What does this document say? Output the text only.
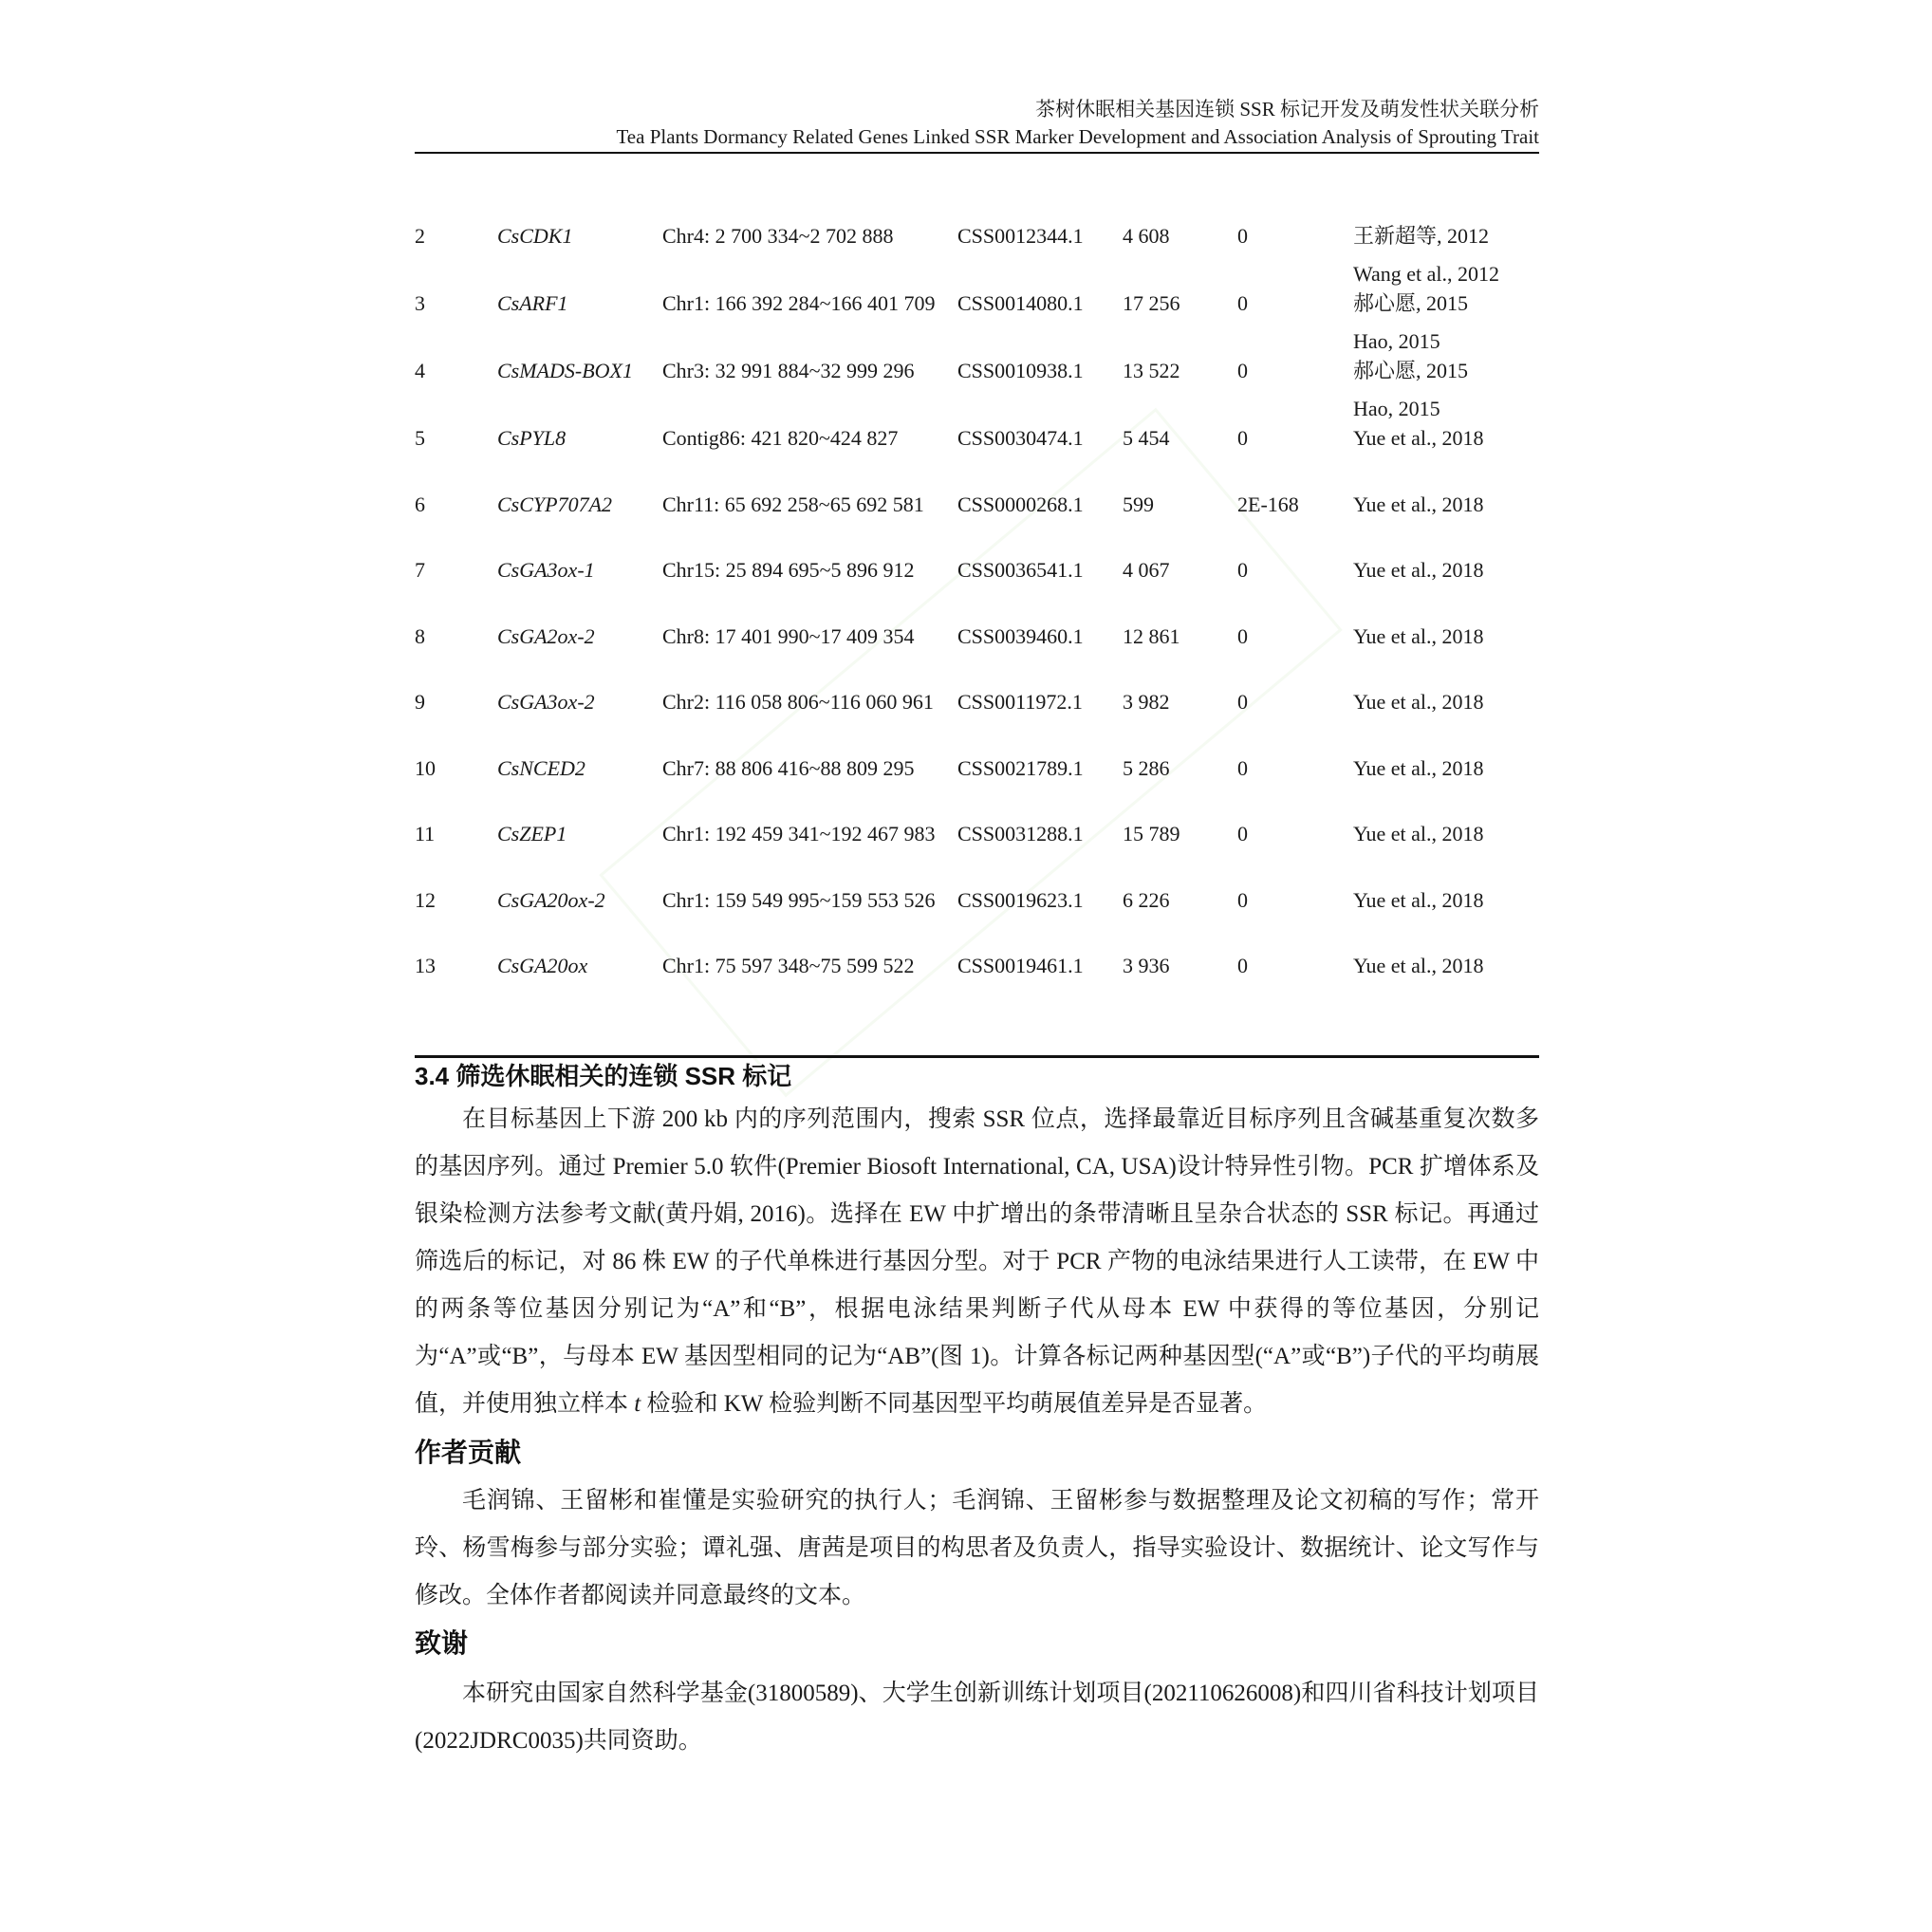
茶树休眠相关基因连锁 SSR 标记开发及萌发性状关联分析
Tea Plants Dormancy Related Genes Linked SSR Marker Development and Association Analysis of Sprouting Trait
2	CsCDK1	Chr4: 2 700 334~2 702 888	CSS0012344.1	4 608	0	王新超等, 2012
Wang et al., 2012

3	CsARF1	Chr1: 166 392 284~166 401 709	CSS0014080.1	17 256	0	郝心愿, 2015
Hao, 2015

4	CsMADS-BOX1	Chr3: 32 991 884~32 999 296	CSS0010938.1	13 522	0	郝心愿, 2015
Hao, 2015

5	CsPYL8	Contig86: 421 820~424 827	CSS0030474.1	5 454	0	Yue et al., 2018

6	CsCYP707A2	Chr11: 65 692 258~65 692 581	CSS0000268.1	599	2E-168	Yue et al., 2018

7	CsGA3ox-1	Chr15: 25 894 695~5 896 912	CSS0036541.1	4 067	0	Yue et al., 2018

8	CsGA2ox-2	Chr8: 17 401 990~17 409 354	CSS0039460.1	12 861	0	Yue et al., 2018

9	CsGA3ox-2	Chr2: 116 058 806~116 060 961	CSS0011972.1	3 982	0	Yue et al., 2018

10	CsNCED2	Chr7: 88 806 416~88 809 295	CSS0021789.1	5 286	0	Yue et al., 2018

11	CsZEP1	Chr1: 192 459 341~192 467 983	CSS0031288.1	15 789	0	Yue et al., 2018

12	CsGA20ox-2	Chr1: 159 549 995~159 553 526	CSS0019623.1	6 226	0	Yue et al., 2018

13	CsGA20ox	Chr1: 75 597 348~75 599 522	CSS0019461.1	3 936	0	Yue et al., 2018
3.4 筛选休眠相关的连锁 SSR 标记

在目标基因上下游 200 kb 内的序列范围内，搜索 SSR 位点，选择最靠近目标序列且含碱基重复次数多的基因序列。通过 Premier 5.0 软件(Premier Biosoft International, CA, USA)设计特异性引物。PCR 扩增体系及银染检测方法参考文献(黄丹娟, 2016)。选择在 EW 中扩增出的条带清晰且呈杂合状态的 SSR 标记。再通过筛选后的标记，对 86 株 EW 的子代单株进行基因分型。对于 PCR 产物的电泳结果进行人工读带，在 EW 中的两条等位基因分别记为“A”和“B”，根据电泳结果判断子代从母本 EW 中获得的等位基因，分别记为“A”或“B”，与母本 EW 基因型相同的记为“AB”(图 1)。计算各标记两种基因型(“A”或“B”)子代的平均萌展值，并使用独立样本 t 检验和 KW 检验判断不同基因型平均萌展值差异是否显著。

作者贡献

毛润锦、王留彬和崔懂是实验研究的执行人；毛润锦、王留彬参与数据整理及论文初稿的写作；常开玲、杨雪梅参与部分实验；谭礼强、唐茜是项目的构思者及负责人，指导实验设计、数据统计、论文写作与修改。全体作者都阅读并同意最终的文本。

致谢

本研究由国家自然科学基金(31800589)、大学生创新训练计划项目(202110626008)和四川省科技计划项目(2022JDRC0035)共同资助。
